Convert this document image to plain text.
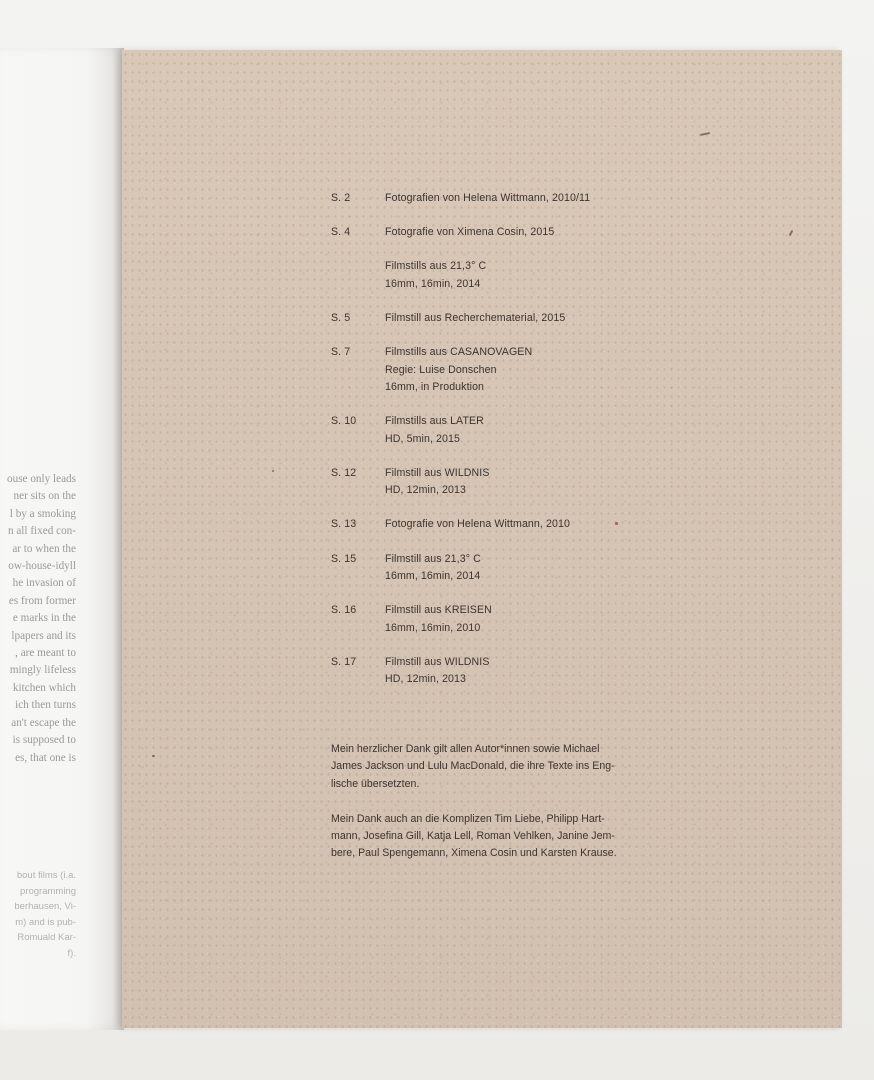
ouse only leads
ner sits on the
l by a smoking
n all fixed con-
ar to when the
ow-house-idyll
he invasion of
es from former
e marks in the
lpapers and its
, are meant to
mingly lifeless
kitchen which
ich then turns
an't escape the
is supposed to
es, that one is
bout films (i.a.
programming
berhausen, Vi-
m) and is pub-
Romuald Kar-
f).
S. 2	Fotografien von Helena Wittmann, 2010/11
S. 4	Fotografie von Ximena Cosin, 2015
Filmstills aus 21,3° C
16mm, 16min, 2014
S. 5	Filmstill aus Recherchematerial, 2015
S. 7	Filmstills aus CASANOVAGEN
Regie: Luise Donschen
16mm, in Produktion
S. 10	Filmstills aus LATER
HD, 5min, 2015
S. 12	Filmstill aus WILDNIS
HD, 12min, 2013
S. 13	Fotografie von Helena Wittmann, 2010
S. 15	Filmstill aus 21,3° C
16mm, 16min, 2014
S. 16	Filmstill aus KREISEN
16mm, 16min, 2010
S. 17	Filmstill aus WILDNIS
HD, 12min, 2013

Mein herzlicher Dank gilt allen Autor*innen sowie Michael
James Jackson und Lulu MacDonald, die ihre Texte ins Eng-
lische übersetzten.

Mein Dank auch an die Komplizen Tim Liebe, Philipp Hart-
mann, Josefina Gill, Katja Lell, Roman Vehlken, Janine Jem-
bere, Paul Spengemann, Ximena Cosin und Karsten Krause.
